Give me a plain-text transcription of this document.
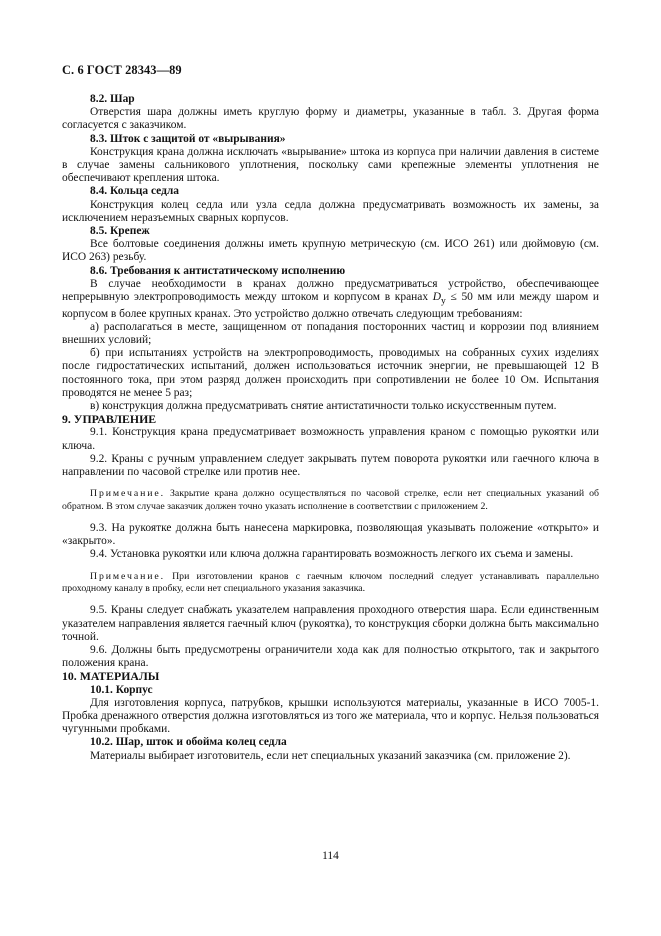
С. 6 ГОСТ 28343—89

8.2. Шар

Отверстия шара должны иметь круглую форму и диаметры, указанные в табл. 3. Другая форма согласуется с заказчиком.

8.3. Шток с защитой от «вырывания»

Конструкция крана должна исключать «вырывание» штока из корпуса при наличии давления в системе в случае замены сальникового уплотнения, поскольку сами крепежные элементы уплотнения не обеспечивают крепления штока.

8.4. Кольца седла

Конструкция колец седла или узла седла должна предусматривать возможность их замены, за исключением неразъемных сварных корпусов.

8.5. Крепеж

Все болтовые соединения должны иметь крупную метрическую (см. ИСО 261) или дюймовую (см. ИСО 263) резьбу.

8.6. Требования к антистатическому исполнению

В случае необходимости в кранах должно предусматриваться устройство, обеспечивающее непрерывную электропроводимость между штоком и корпусом в кранах $D_y \le 50$ мм или между шаром и корпусом в более крупных кранах. Это устройство должно отвечать следующим требованиям:

а) располагаться в месте, защищенном от попадания посторонних частиц и коррозии под влиянием внешних условий;

б) при испытаниях устройств на электропроводимость, проводимых на собранных сухих изделиях после гидростатических испытаний, должен использоваться источник энергии, не превышающей 12 В постоянного тока, при этом разряд должен происходить при сопротивлении не более 10 Ом. Испытания проводятся не менее 5 раз;

в) конструкция должна предусматривать снятие антистатичности только искусственным путем.

9. УПРАВЛЕНИЕ

9.1. Конструкция крана предусматривает возможность управления краном с помощью рукоятки или ключа.

9.2. Краны с ручным управлением следует закрывать путем поворота рукоятки или гаечного ключа в направлении по часовой стрелке или против нее.

Примечание. Закрытие крана должно осуществляться по часовой стрелке, если нет специальных указаний об обратном. В этом случае заказчик должен точно указать исполнение в соответствии с приложением 2.

9.3. На рукоятке должна быть нанесена маркировка, позволяющая указывать положение «открыто» и «закрыто».

9.4. Установка рукоятки или ключа должна гарантировать возможность легкого их съема и замены.

Примечание. При изготовлении кранов с гаечным ключом последний следует устанавливать параллельно проходному каналу в пробку, если нет специального указания заказчика.

9.5. Краны следует снабжать указателем направления проходного отверстия шара. Если единственным указателем направления является гаечный ключ (рукоятка), то конструкция сборки должна быть максимально точной.

9.6. Должны быть предусмотрены ограничители хода как для полностью открытого, так и закрытого положения крана.

10. МАТЕРИАЛЫ

10.1. Корпус

Для изготовления корпуса, патрубков, крышки используются материалы, указанные в ИСО 7005-1. Пробка дренажного отверстия должна изготовляться из того же материала, что и корпус. Нельзя пользоваться чугунными пробками.

10.2. Шар, шток и обойма колец седла

Материалы выбирает изготовитель, если нет специальных указаний заказчика (см. приложение 2).

114
